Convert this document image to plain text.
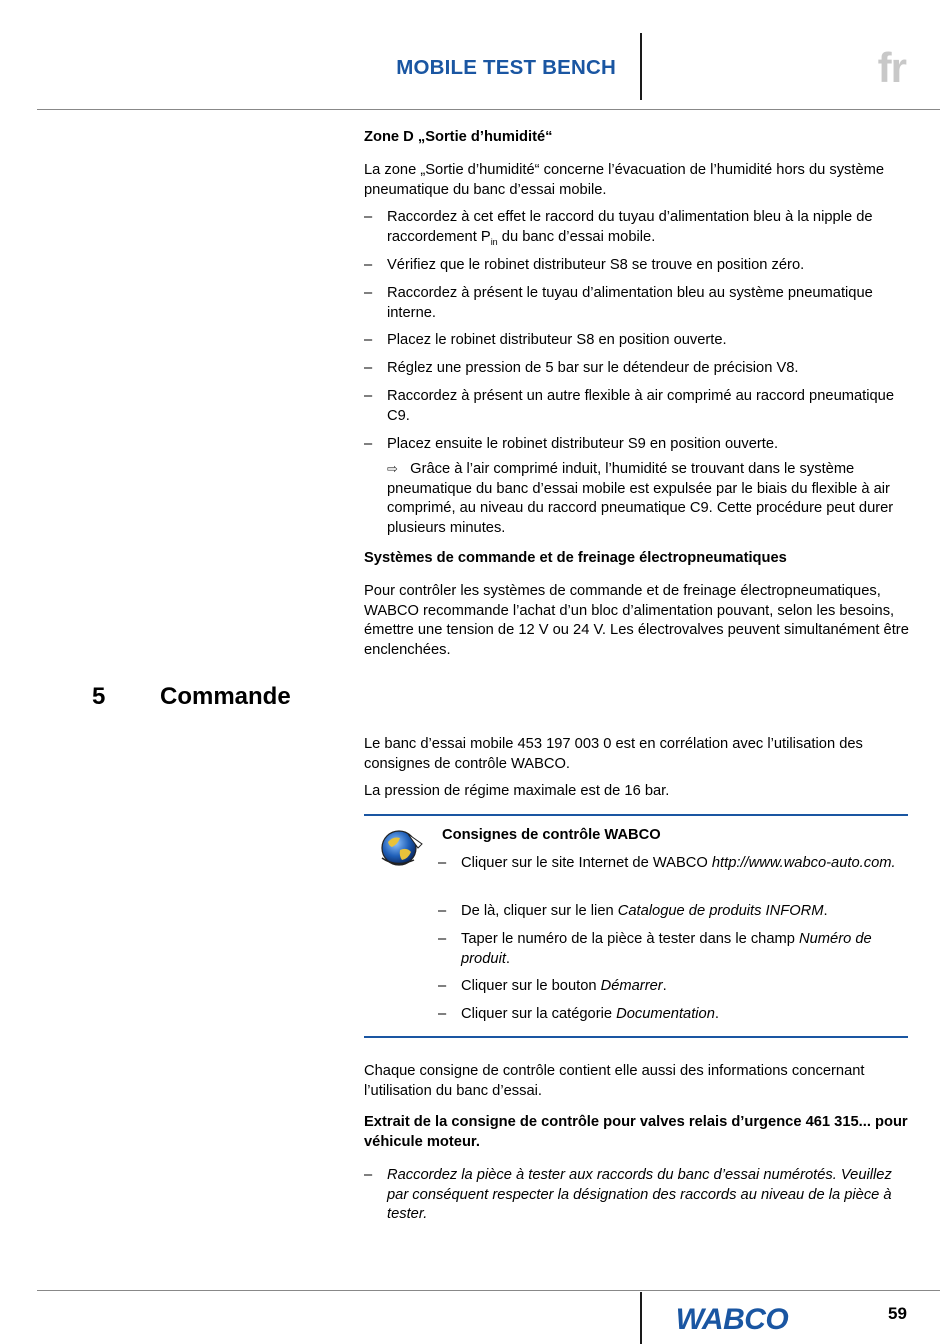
MOBILE TEST BENCH	fr
Zone D „Sortie d’humidité“
La zone „Sortie d’humidité“ concerne l’évacuation de l’humidité hors du système pneumatique du banc d’essai mobile.
– Raccordez à cet effet le raccord du tuyau d’alimentation bleu à la nipple de raccordement $P_{in}$ du banc d’essai mobile.
– Vérifiez que le robinet distributeur S8 se trouve en position zéro.
– Raccordez à présent le tuyau d’alimentation bleu au système pneumatique interne.
– Placez le robinet distributeur S8 en position ouverte.
– Réglez une pression de 5 bar sur le détendeur de précision V8.
– Raccordez à présent un autre flexible à air comprimé au raccord pneumatique C9.
– Placez ensuite le robinet distributeur S9 en position ouverte.
⇨ Grâce à l’air comprimé induit, l’humidité se trouvant dans le système pneumatique du banc d’essai mobile est expulsée par le biais du flexible à air comprimé, au niveau du raccord pneumatique C9. Cette procédure peut durer plusieurs minutes.
Systèmes de commande et de freinage électropneumatiques
Pour contrôler les systèmes de commande et de freinage électropneumatiques, WABCO recommande l’achat d’un bloc d’alimentation pouvant, selon les besoins, émettre une tension de 12 V ou 24 V. Les électrovalves peuvent simultanément être enclenchées.
5 Commande
Le banc d’essai mobile 453 197 003 0 est en corrélation avec l’utilisation des consignes de contrôle WABCO.
La pression de régime maximale est de 16 bar.
Consignes de contrôle WABCO
– Cliquer sur le site Internet de WABCO http://www.wabco-auto.com.
– De là, cliquer sur le lien Catalogue de produits INFORM.
– Taper le numéro de la pièce à tester dans le champ Numéro de produit.
– Cliquer sur le bouton Démarrer.
– Cliquer sur la catégorie Documentation.
Chaque consigne de contrôle contient elle aussi des informations concernant l’utilisation du banc d’essai.
Extrait de la consigne de contrôle pour valves relais d’urgence 461 315... pour véhicule moteur.
– Raccordez la pièce à tester aux raccords du banc d’essai numérotés. Veuillez par conséquent respecter la désignation des raccords au niveau de la pièce à tester.
WABCO	59
